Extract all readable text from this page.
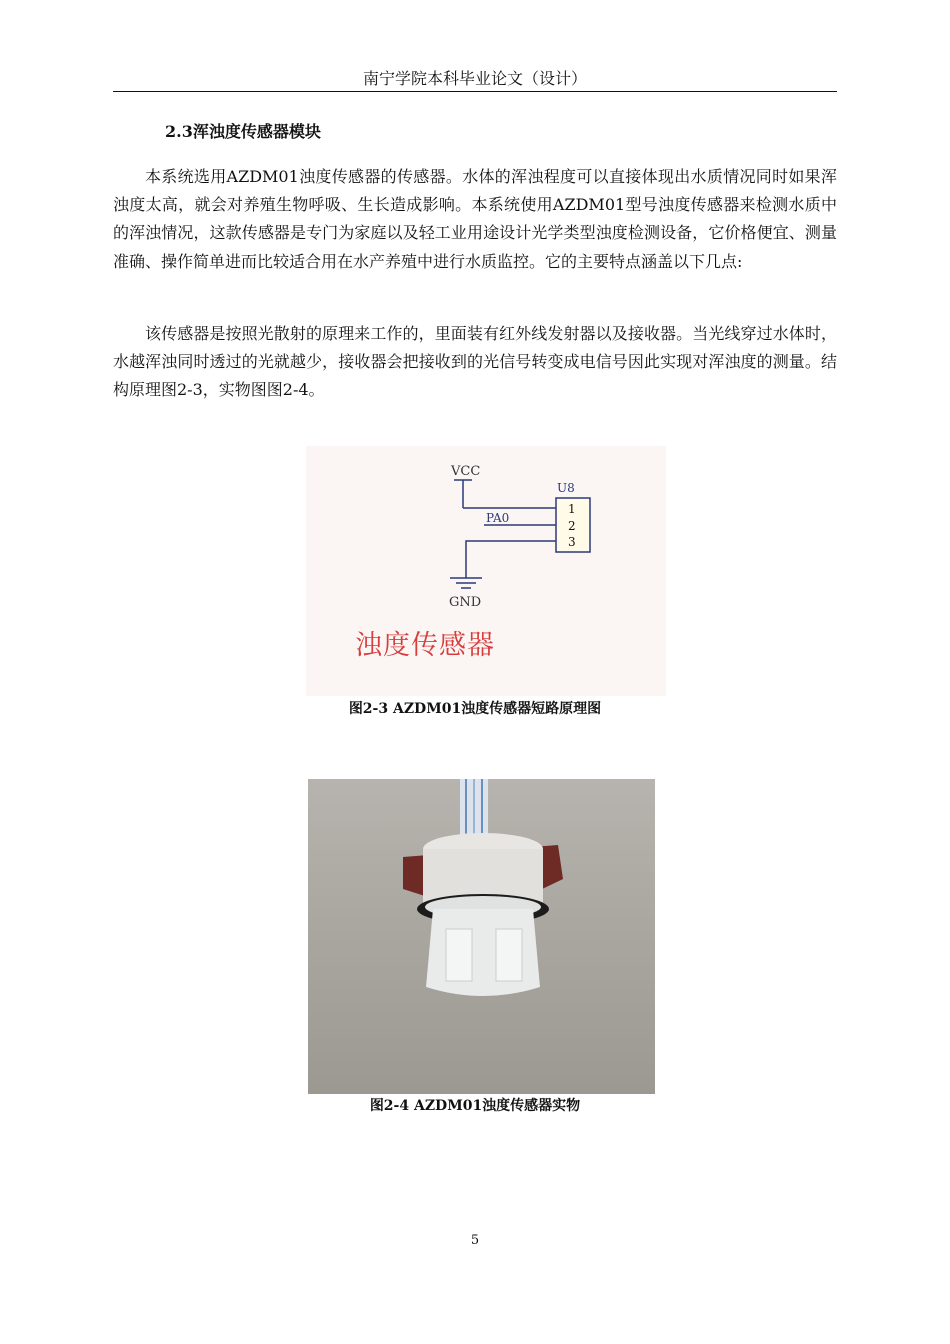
南宁学院本科毕业论文（设计）
2.3浑浊度传感器模块

本系统选用AZDM01浊度传感器的传感器。水体的浑浊程度可以直接体现出水质情况同时如果浑浊度太高，就会对养殖生物呼吸、生长造成影响。本系统使用AZDM01型号浊度传感器来检测水质中的浑浊情况，这款传感器是专门为家庭以及轻工业用途设计光学类型浊度检测设备，它价格便宜、测量准确、操作简单进而比较适合用在水产养殖中进行水质监控。它的主要特点涵盖以下几点:

该传感器是按照光散射的原理来工作的，里面装有红外线发射器以及接收器。当光线穿过水体时，水越浑浊同时透过的光就越少，接收器会把接收到的光信号转变成电信号因此实现对浑浊度的测量。结构原理图2-3，实物图图2-4。

VCC
U8
PA0
1
2
3
GND
浊度传感器
图2-3 AZDM01浊度传感器短路原理图
图2-4 AZDM01浊度传感器实物
5
